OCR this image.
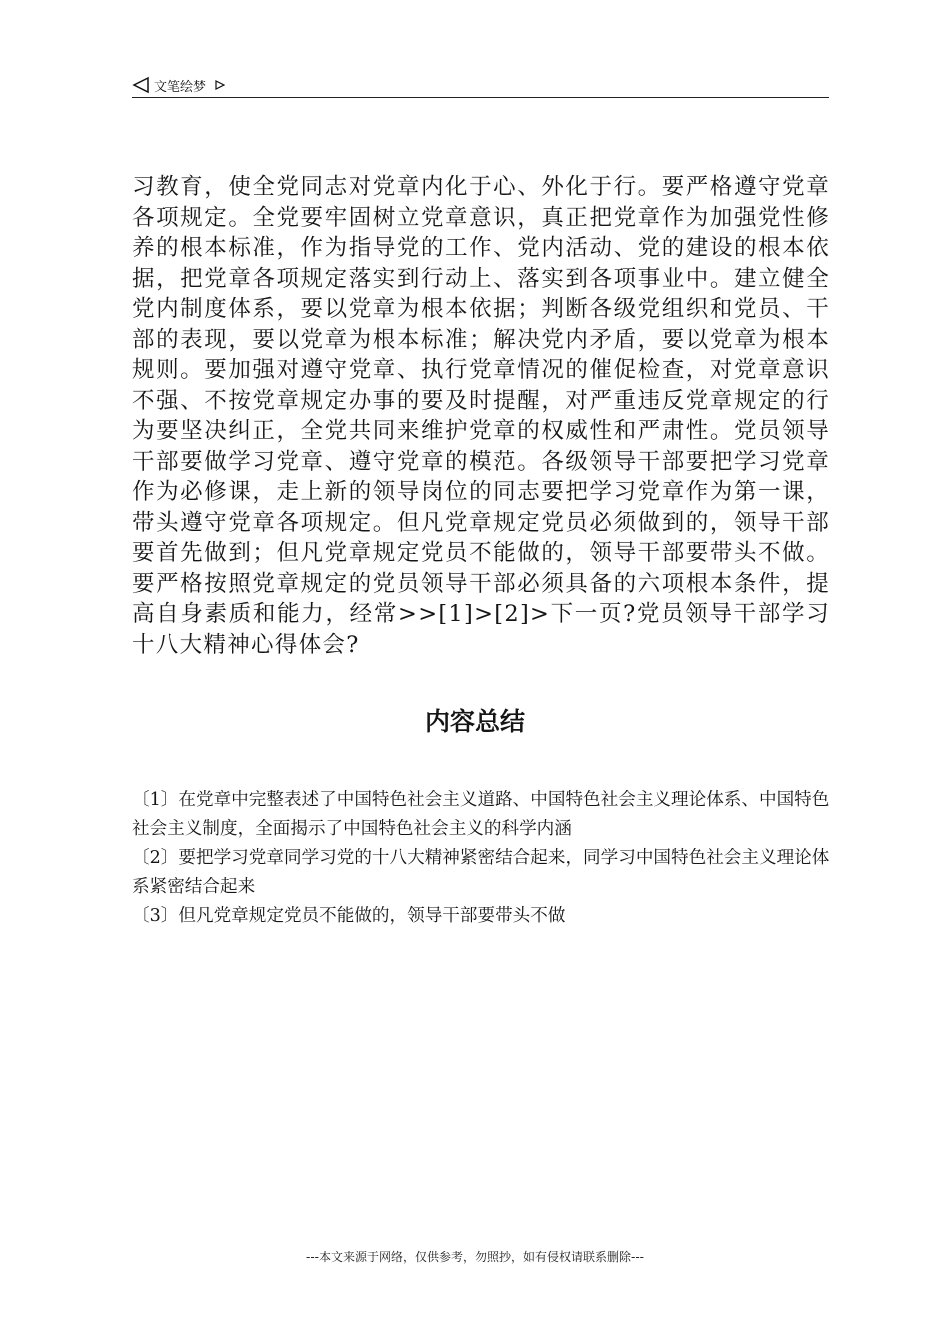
文笔绘梦

习教育，使全党同志对党章内化于心、外化于行。要严格遵守党章各项规定。全党要牢固树立党章意识，真正把党章作为加强党性修养的根本标准，作为指导党的工作、党内活动、党的建设的根本依据，把党章各项规定落实到行动上、落实到各项事业中。建立健全党内制度体系，要以党章为根本依据；判断各级党组织和党员、干部的表现，要以党章为根本标准；解决党内矛盾，要以党章为根本规则。要加强对遵守党章、执行党章情况的催促检查，对党章意识不强、不按党章规定办事的要及时提醒，对严重违反党章规定的行为要坚决纠正，全党共同来维护党章的权威性和严肃性。党员领导干部要做学习党章、遵守党章的模范。各级领导干部要把学习党章作为必修课，走上新的领导岗位的同志要把学习党章作为第一课，带头遵守党章各项规定。但凡党章规定党员必须做到的，领导干部要首先做到；但凡党章规定党员不能做的，领导干部要带头不做。要严格按照党章规定的党员领导干部必须具备的六项根本条件，提高自身素质和能力，经常>>[1]>[2]>下一页?党员领导干部学习十八大精神心得体会?

内容总结
〔1〕在党章中完整表述了中国特色社会主义道路、中国特色社会主义理论体系、中国特色社会主义制度，全面揭示了中国特色社会主义的科学内涵
〔2〕要把学习党章同学习党的十八大精神紧密结合起来，同学习中国特色社会主义理论体系紧密结合起来
〔3〕但凡党章规定党员不能做的，领导干部要带头不做
---本文来源于网络，仅供参考，勿照抄，如有侵权请联系删除---
